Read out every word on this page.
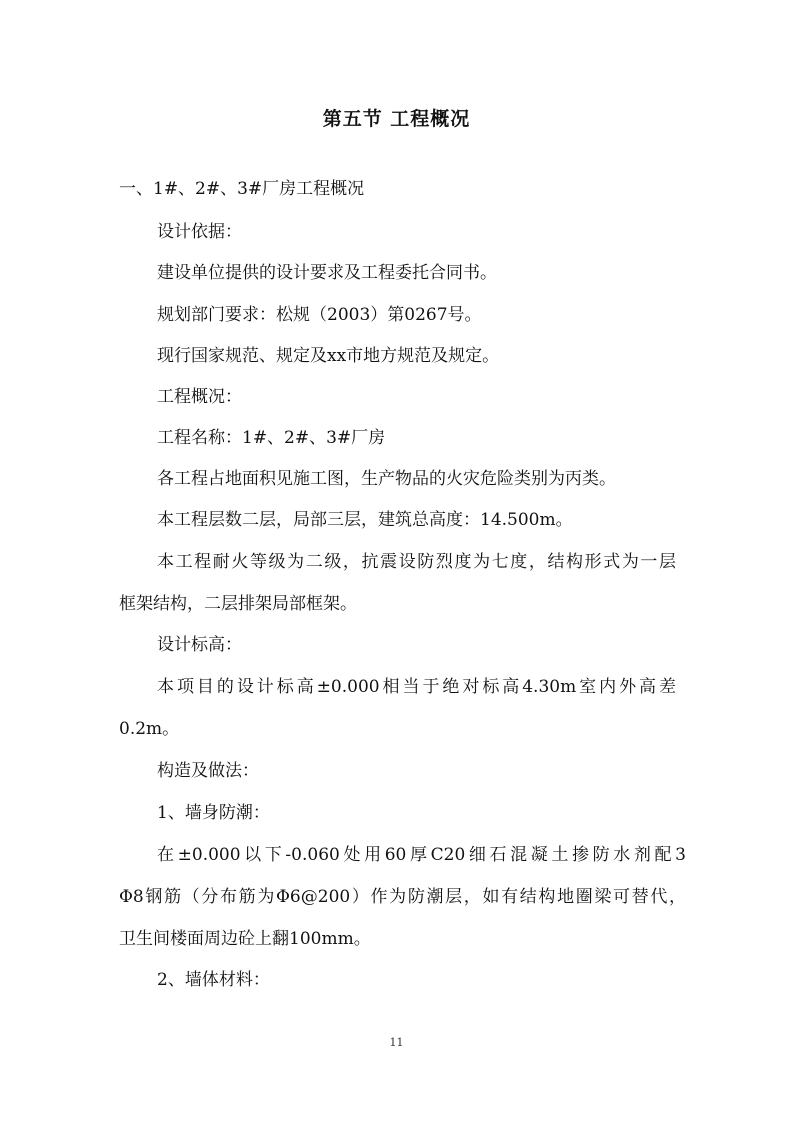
第五节 工程概况
一、1#、2#、3#厂房工程概况
设计依据：
建设单位提供的设计要求及工程委托合同书。
规划部门要求：松规（2003）第0267号。
现行国家规范、规定及xx市地方规范及规定。
工程概况：
工程名称：1#、2#、3#厂房
各工程占地面积见施工图，生产物品的火灾危险类别为丙类。
本工程层数二层，局部三层，建筑总高度：14.500m。
本工程耐火等级为二级，抗震设防烈度为七度，结构形式为一层
框架结构，二层排架局部框架。
设计标高：
本项目的设计标高±0.000相当于绝对标高4.30m室内外高差
0.2m。
构造及做法：
1、墙身防潮：
在±0.000以下-0.060处用60厚C20细石混凝土掺防水剂配3
Φ8钢筋（分布筋为Φ6@200）作为防潮层，如有结构地圈梁可替代，
卫生间楼面周边砼上翻100mm。
2、墙体材料：
11
